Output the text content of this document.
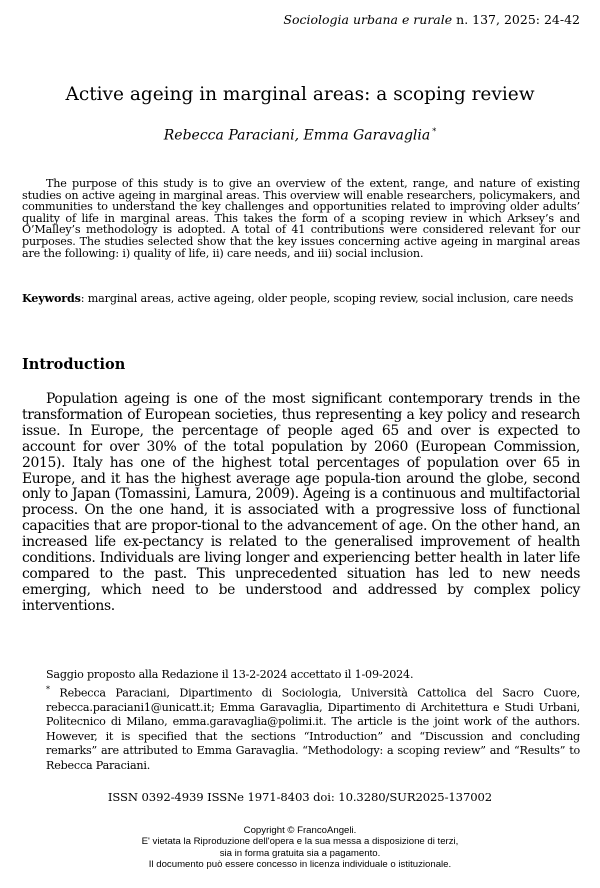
Sociologia urbana e rurale n. 137, 2025: 24-42
Active ageing in marginal areas: a scoping review
Rebecca Paraciani, Emma Garavaglia *

The purpose of this study is to give an overview of the extent, range, and nature of existing studies on active ageing in marginal areas. This overview will enable researchers, policymakers, and communities to understand the key challenges and opportunities related to improving older adults’ quality of life in marginal areas. This takes the form of a scoping review in which Arksey’s and O’Malley’s methodology is adopted. A total of 41 contributions were considered relevant for our purposes. The studies selected show that the key issues concerning active ageing in marginal areas are the following: i) quality of life, ii) care needs, and iii) social inclusion.

Keywords: marginal areas, active ageing, older people, scoping review, social inclusion, care needs

Introduction

Population ageing is one of the most significant contemporary trends in the transformation of European societies, thus representing a key policy and research issue. In Europe, the percentage of people aged 65 and over is expected to account for over 30% of the total population by 2060 (European Commission, 2015). Italy has one of the highest total percentages of population over 65 in Europe, and it has the highest average age popula-tion around the globe, second only to Japan (Tomassini, Lamura, 2009). Ageing is a continuous and multifactorial process. On the one hand, it is associated with a progressive loss of functional capacities that are propor-tional to the advancement of age. On the other hand, an increased life ex-pectancy is related to the generalised improvement of health conditions. Individuals are living longer and experiencing better health in later life compared to the past. This unprecedented situation has led to new needs emerging, which need to be understood and addressed by complex policy interventions.

Saggio proposto alla Redazione il 13-2-2024 accettato il 1-09-2024.

* Rebecca Paraciani, Dipartimento di Sociologia, Università Cattolica del Sacro Cuore, rebecca.paraciani1@unicatt.it; Emma Garavaglia, Dipartimento di Architettura e Studi Urbani, Politecnico di Milano, emma.garavaglia@polimi.it. The article is the joint work of the authors. However, it is specified that the sections “Introduction” and “Discussion and concluding remarks” are attributed to Emma Garavaglia. “Methodology: a scoping review” and “Results” to Rebecca Paraciani.

ISSN 0392-4939 ISSNe 1971-8403 doi: 10.3280/SUR2025-137002
Copyright © FrancoAngeli.
E' vietata la Riproduzione dell'opera e la sua messa a disposizione di terzi,
sia in forma gratuita sia a pagamento.
Il documento può essere concesso in licenza individuale o istituzionale.
